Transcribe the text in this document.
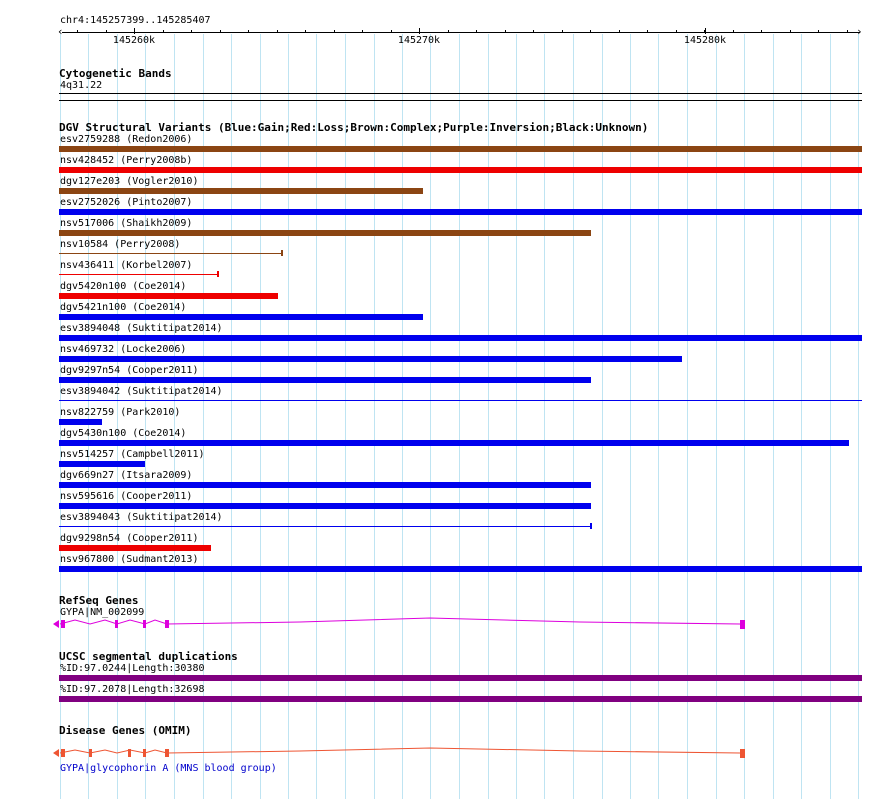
chr4:145257399..145285407
‹	›
145260k	145270k	145280k
Cytogenetic Bands
4q31.22
DGV Structural Variants (Blue:Gain;Red:Loss;Brown:Complex;Purple:Inversion;Black:Unknown)
esv2759288 (Redon2006)
nsv428452 (Perry2008b)
dgv127e203 (Vogler2010)
esv2752026 (Pinto2007)
nsv517006 (Shaikh2009)
nsv10584 (Perry2008)
nsv436411 (Korbel2007)
dgv5420n100 (Coe2014)
dgv5421n100 (Coe2014)
esv3894048 (Suktitipat2014)
nsv469732 (Locke2006)
dgv9297n54 (Cooper2011)
esv3894042 (Suktitipat2014)
nsv822759 (Park2010)
dgv5430n100 (Coe2014)
nsv514257 (Campbell2011)
dgv669n27 (Itsara2009)
nsv595616 (Cooper2011)
esv3894043 (Suktitipat2014)
dgv9298n54 (Cooper2011)
nsv967800 (Sudmant2013)
RefSeq Genes
GYPA|NM_002099
UCSC segmental duplications
%ID:97.0244|Length:30380
%ID:97.2078|Length:32698
Disease Genes (OMIM)
GYPA|glycophorin A (MNS blood group)
